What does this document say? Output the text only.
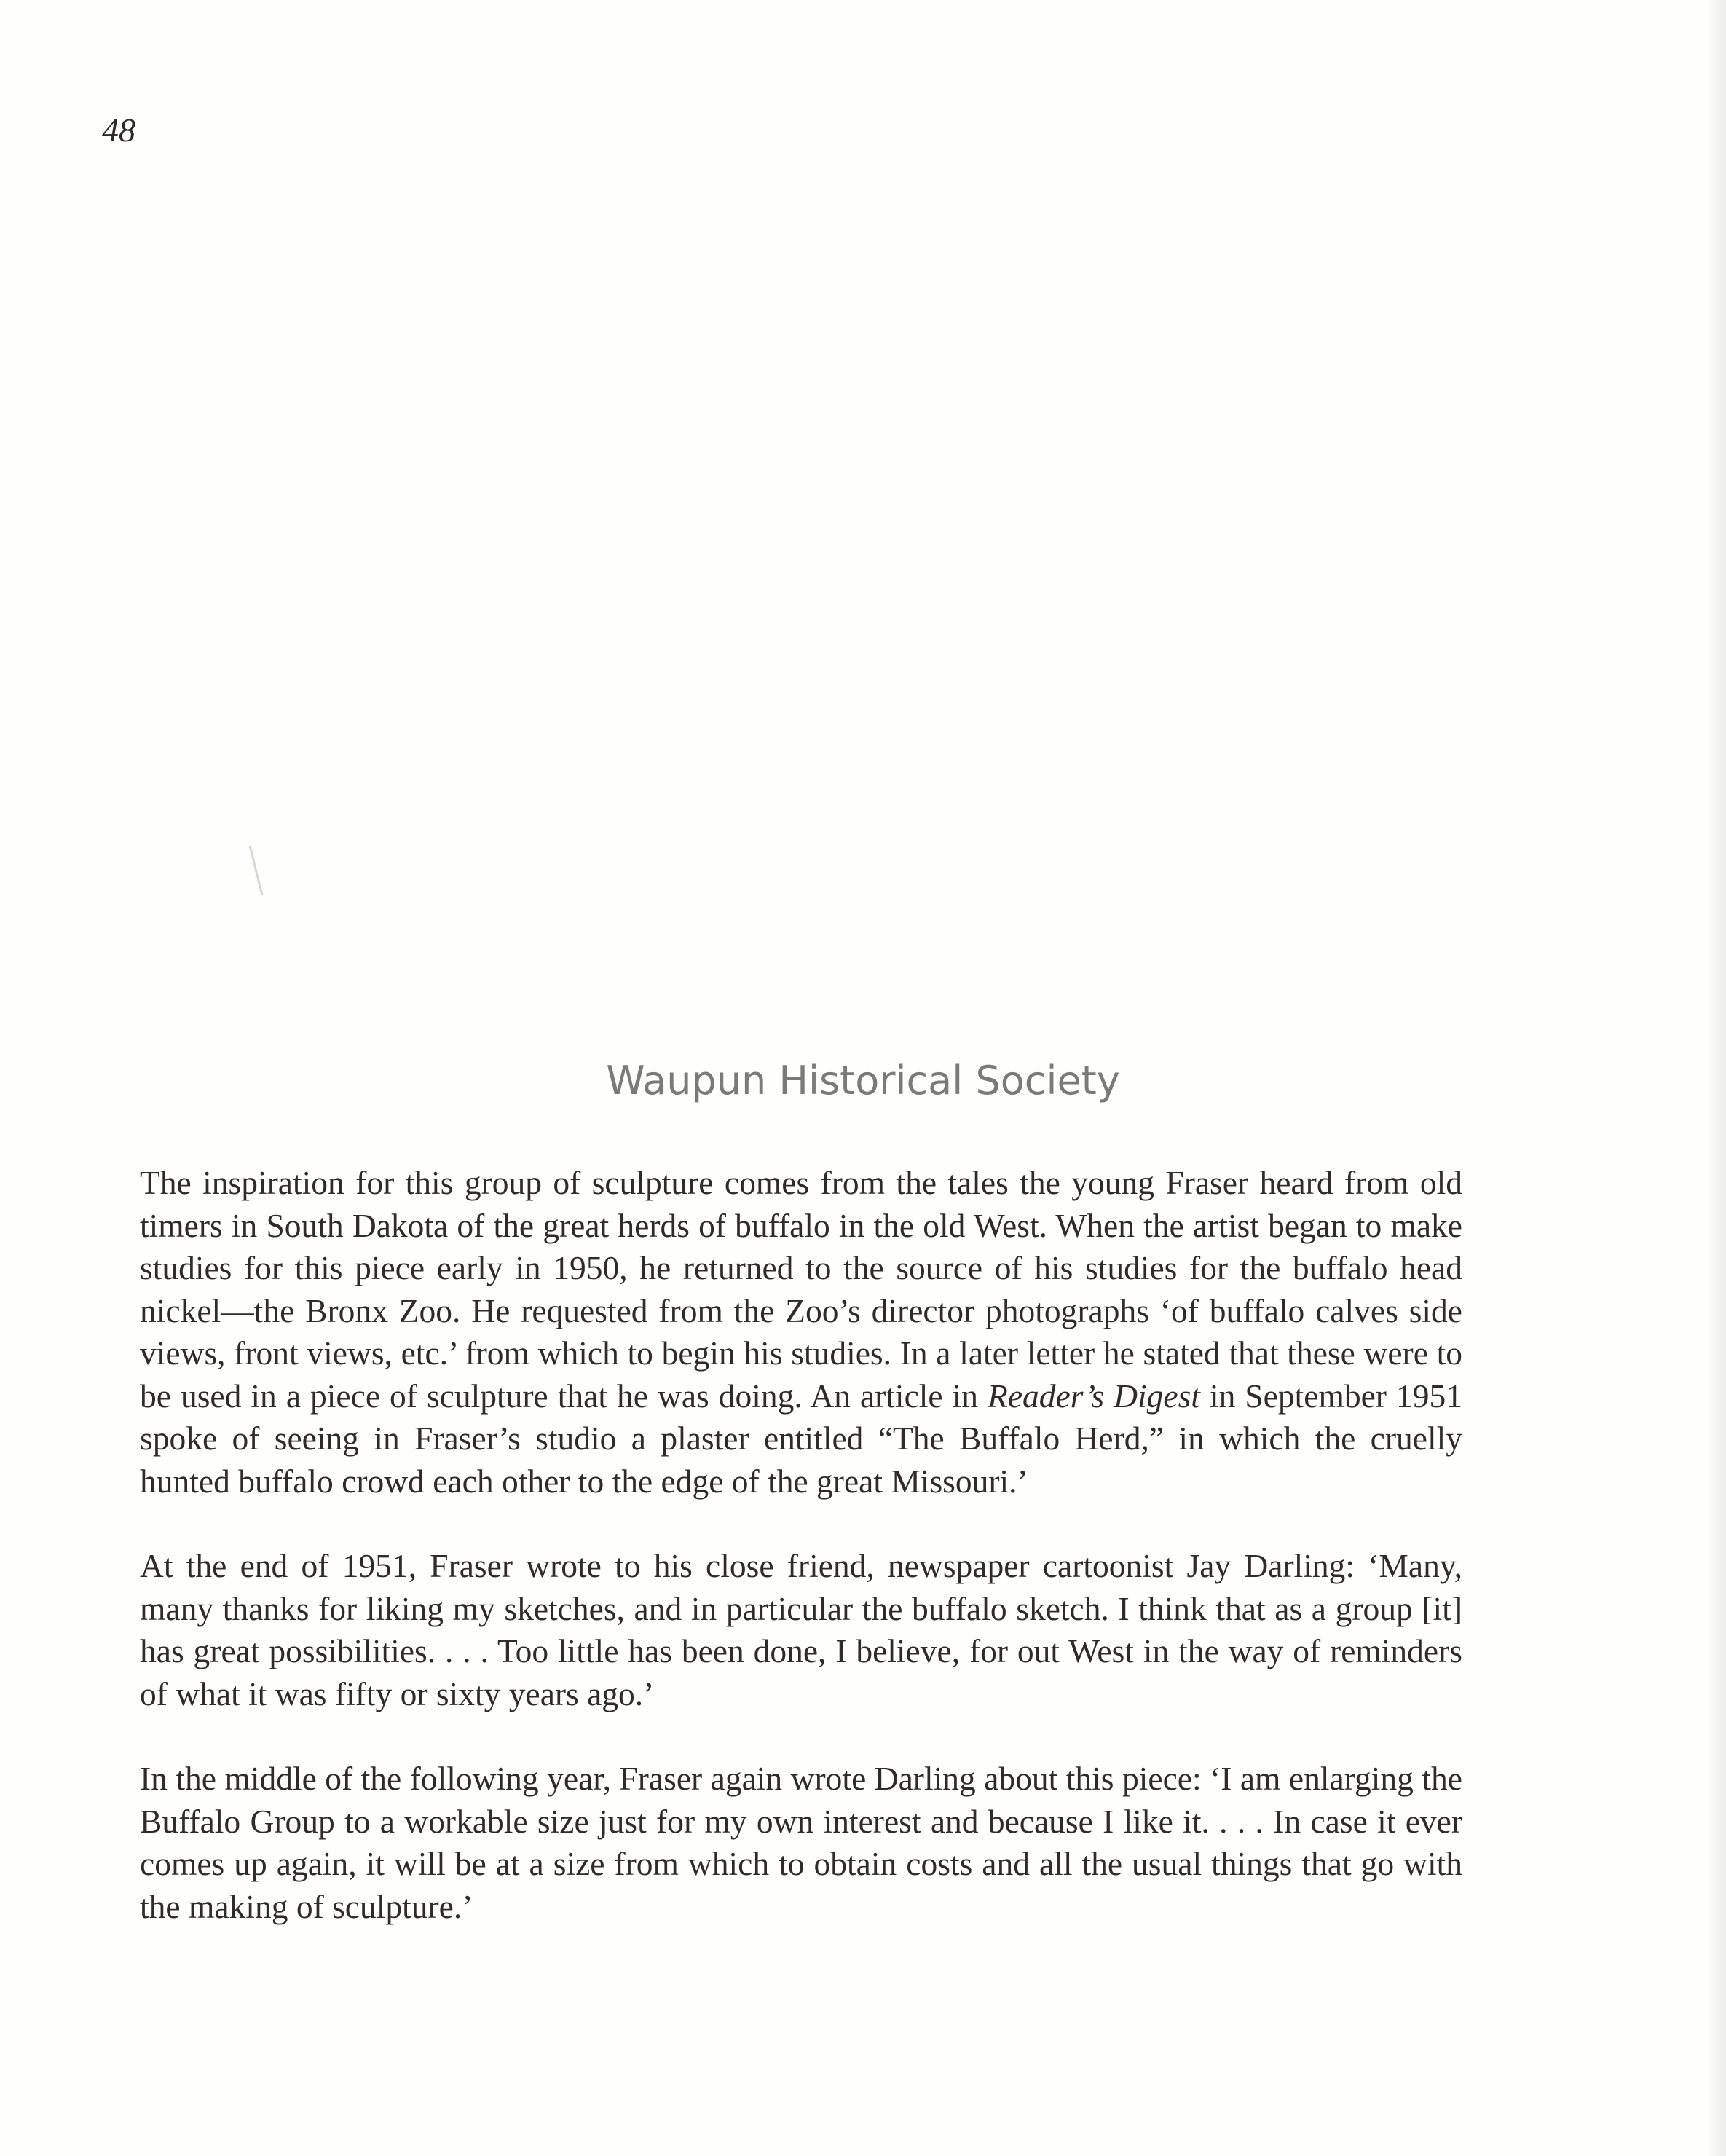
48
Waupun Historical Society

The inspiration for this group of sculpture comes from the tales the young Fraser heard from old timers in South Dakota of the great herds of buffalo in the old West. When the artist began to make studies for this piece early in 1950, he returned to the source of his studies for the buffalo head nickel—the Bronx Zoo. He requested from the Zoo’s director photographs ‘of buffalo calves side views, front views, etc.’ from which to begin his studies. In a later letter he stated that these were to be used in a piece of sculpture that he was doing. An article in Reader’s Digest in September 1951 spoke of seeing in Fraser’s studio a plaster entitled “The Buffalo Herd,” in which the cruelly hunted buffalo crowd each other to the edge of the great Missouri.’

At the end of 1951, Fraser wrote to his close friend, newspaper cartoonist Jay Darling: ‘Many, many thanks for liking my sketches, and in particular the buffalo sketch. I think that as a group [it] has great possibilities. . . . Too little has been done, I believe, for out West in the way of reminders of what it was fifty or sixty years ago.’

In the middle of the following year, Fraser again wrote Darling about this piece: ‘I am enlarging the Buffalo Group to a workable size just for my own interest and because I like it. . . . In case it ever comes up again, it will be at a size from which to obtain costs and all the usual things that go with the making of sculpture.’
